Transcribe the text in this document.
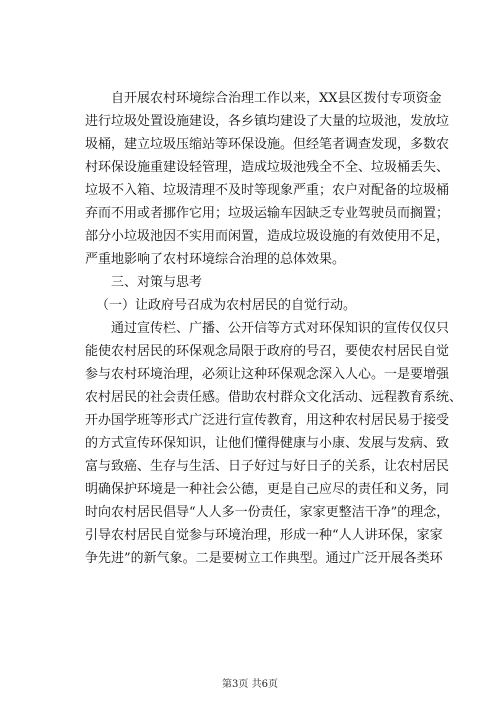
自开展农村环境综合治理工作以来，XX县区拨付专项资金
进行垃圾处置设施建设，各乡镇均建设了大量的垃圾池，发放垃
圾桶，建立垃圾压缩站等环保设施。但经笔者调查发现，多数农
村环保设施重建设轻管理，造成垃圾池残全不全、垃圾桶丢失、
垃圾不入箱、垃圾清理不及时等现象严重；农户对配备的垃圾桶
弃而不用或者挪作它用；垃圾运输车因缺乏专业驾驶员而搁置；
部分小垃圾池因不实用而闲置，造成垃圾设施的有效使用不足，
严重地影响了农村环境综合治理的总体效果。
三、对策与思考
（一）让政府号召成为农村居民的自觉行动。
通过宣传栏、广播、公开信等方式对环保知识的宣传仅仅只
能使农村居民的环保观念局限于政府的号召，要使农村居民自觉
参与农村环境治理，必须让这种环保观念深入人心。一是要增强
农村居民的社会责任感。借助农村群众文化活动、远程教育系统、
开办国学班等形式广泛进行宣传教育，用这种农村居民易于接受
的方式宣传环保知识，让他们懂得健康与小康、发展与发病、致
富与致癌、生存与生活、日子好过与好日子的关系，让农村居民
明确保护环境是一种社会公德，更是自己应尽的责任和义务，同
时向农村居民倡导“人人多一份责任，家家更整洁干净”的理念，
引导农村居民自觉参与环境治理，形成一种“人人讲环保，家家
争先进”的新气象。二是要树立工作典型。通过广泛开展各类环
第3页 共6页
